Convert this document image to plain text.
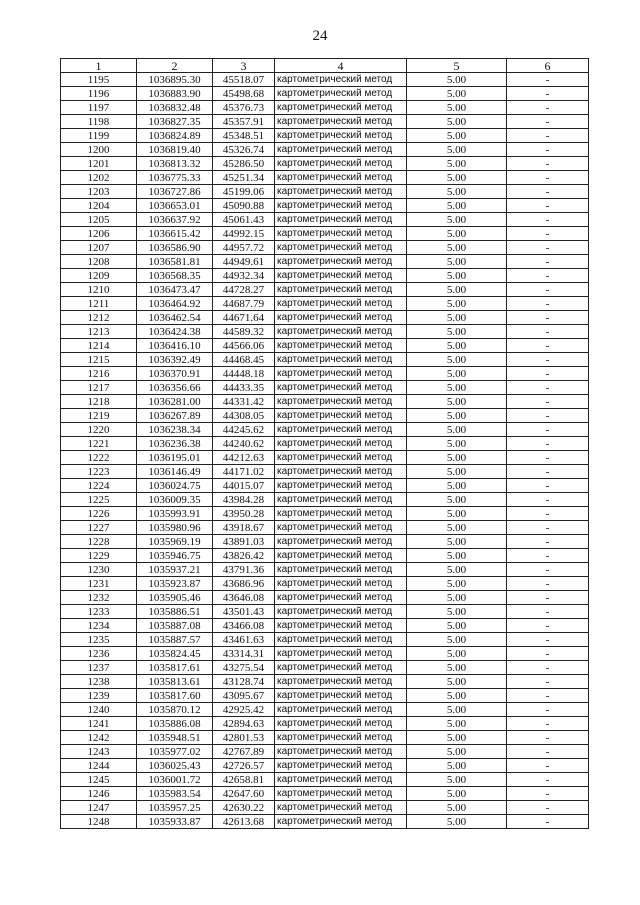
24
1	2	3	4	5	6
1195	1036895.30	45518.07	картометрический метод	5.00	-
1196	1036883.90	45498.68	картометрический метод	5.00	-
1197	1036832.48	45376.73	картометрический метод	5.00	-
1198	1036827.35	45357.91	картометрический метод	5.00	-
1199	1036824.89	45348.51	картометрический метод	5.00	-
1200	1036819.40	45326.74	картометрический метод	5.00	-
1201	1036813.32	45286.50	картометрический метод	5.00	-
1202	1036775.33	45251.34	картометрический метод	5.00	-
1203	1036727.86	45199.06	картометрический метод	5.00	-
1204	1036653.01	45090.88	картометрический метод	5.00	-
1205	1036637.92	45061.43	картометрический метод	5.00	-
1206	1036615.42	44992.15	картометрический метод	5.00	-
1207	1036586.90	44957.72	картометрический метод	5.00	-
1208	1036581.81	44949.61	картометрический метод	5.00	-
1209	1036568.35	44932.34	картометрический метод	5.00	-
1210	1036473.47	44728.27	картометрический метод	5.00	-
1211	1036464.92	44687.79	картометрический метод	5.00	-
1212	1036462.54	44671.64	картометрический метод	5.00	-
1213	1036424.38	44589.32	картометрический метод	5.00	-
1214	1036416.10	44566.06	картометрический метод	5.00	-
1215	1036392.49	44468.45	картометрический метод	5.00	-
1216	1036370.91	44448.18	картометрический метод	5.00	-
1217	1036356.66	44433.35	картометрический метод	5.00	-
1218	1036281.00	44331.42	картометрический метод	5.00	-
1219	1036267.89	44308.05	картометрический метод	5.00	-
1220	1036238.34	44245.62	картометрический метод	5.00	-
1221	1036236.38	44240.62	картометрический метод	5.00	-
1222	1036195.01	44212.63	картометрический метод	5.00	-
1223	1036146.49	44171.02	картометрический метод	5.00	-
1224	1036024.75	44015.07	картометрический метод	5.00	-
1225	1036009.35	43984.28	картометрический метод	5.00	-
1226	1035993.91	43950.28	картометрический метод	5.00	-
1227	1035980.96	43918.67	картометрический метод	5.00	-
1228	1035969.19	43891.03	картометрический метод	5.00	-
1229	1035946.75	43826.42	картометрический метод	5.00	-
1230	1035937.21	43791.36	картометрический метод	5.00	-
1231	1035923.87	43686.96	картометрический метод	5.00	-
1232	1035905.46	43646.08	картометрический метод	5.00	-
1233	1035886.51	43501.43	картометрический метод	5.00	-
1234	1035887.08	43466.08	картометрический метод	5.00	-
1235	1035887.57	43461.63	картометрический метод	5.00	-
1236	1035824.45	43314.31	картометрический метод	5.00	-
1237	1035817.61	43275.54	картометрический метод	5.00	-
1238	1035813.61	43128.74	картометрический метод	5.00	-
1239	1035817.60	43095.67	картометрический метод	5.00	-
1240	1035870.12	42925.42	картометрический метод	5.00	-
1241	1035886.08	42894.63	картометрический метод	5.00	-
1242	1035948.51	42801.53	картометрический метод	5.00	-
1243	1035977.02	42767.89	картометрический метод	5.00	-
1244	1036025.43	42726.57	картометрический метод	5.00	-
1245	1036001.72	42658.81	картометрический метод	5.00	-
1246	1035983.54	42647.60	картометрический метод	5.00	-
1247	1035957.25	42630.22	картометрический метод	5.00	-
1248	1035933.87	42613.68	картометрический метод	5.00	-
